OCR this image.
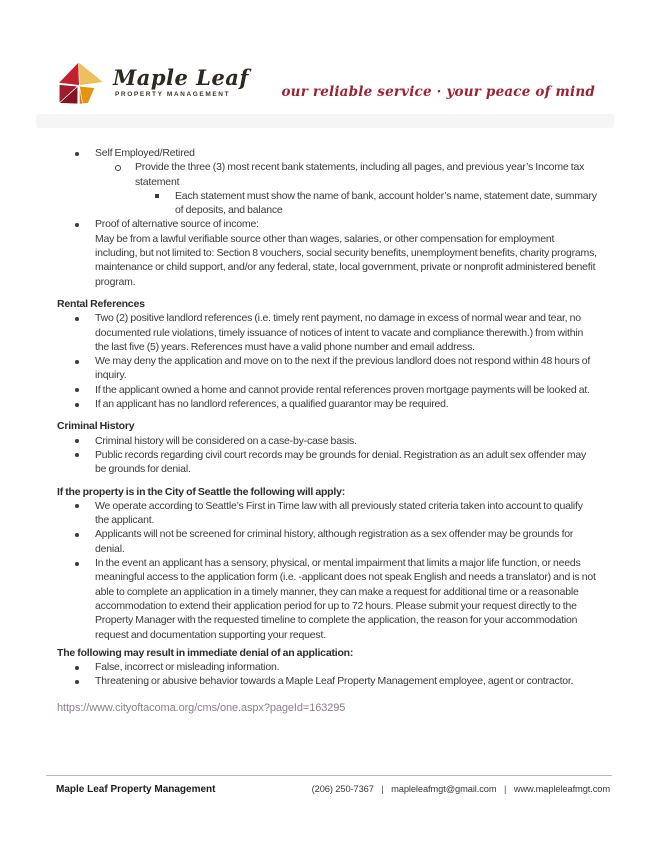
Maple Leaf
PROPERTY MANAGEMENT	our reliable service · your peace of mind
Self Employed/Retired
Provide the three (3) most recent bank statements, including all pages, and previous year’s Income tax statement
Each statement must show the name of bank, account holder’s name, statement date, summary of deposits, and balance
Proof of alternative source of income:
May be from a lawful verifiable source other than wages, salaries, or other compensation for employment including, but not limited to: Section 8 vouchers, social security benefits, unemployment benefits, charity programs, maintenance or child support, and/or any federal, state, local government, private or nonprofit administered benefit program.
Rental References
Two (2) positive landlord references (i.e. timely rent payment, no damage in excess of normal wear and tear, no documented rule violations, timely issuance of notices of intent to vacate and compliance therewith.) from within the last five (5) years. References must have a valid phone number and email address.
We may deny the application and move on to the next if the previous landlord does not respond within 48 hours of inquiry.
If the applicant owned a home and cannot provide rental references proven mortgage payments will be looked at.
If an applicant has no landlord references, a qualified guarantor may be required.
Criminal History
Criminal history will be considered on a case-by-case basis.
Public records regarding civil court records may be grounds for denial. Registration as an adult sex offender may be grounds for denial.
If the property is in the City of Seattle the following will apply:
We operate according to Seattle’s First in Time law with all previously stated criteria taken into account to qualify the applicant.
Applicants will not be screened for criminal history, although registration as a sex offender may be grounds for denial.
In the event an applicant has a sensory, physical, or mental impairment that limits a major life function, or needs meaningful access to the application form (i.e. -applicant does not speak English and needs a translator) and is not able to complete an application in a timely manner, they can make a request for additional time or a reasonable accommodation to extend their application period for up to 72 hours. Please submit your request directly to the Property Manager with the requested timeline to complete the application, the reason for your accommodation request and documentation supporting your request.
The following may result in immediate denial of an application:
False, incorrect or misleading information.
Threatening or abusive behavior towards a Maple Leaf Property Management employee, agent or contractor.
https://www.cityoftacoma.org/cms/one.aspx?pageId=163295
Maple Leaf Property Management	(206) 250-7367 | mapleleafmgt@gmail.com | www.mapleleafmgt.com
